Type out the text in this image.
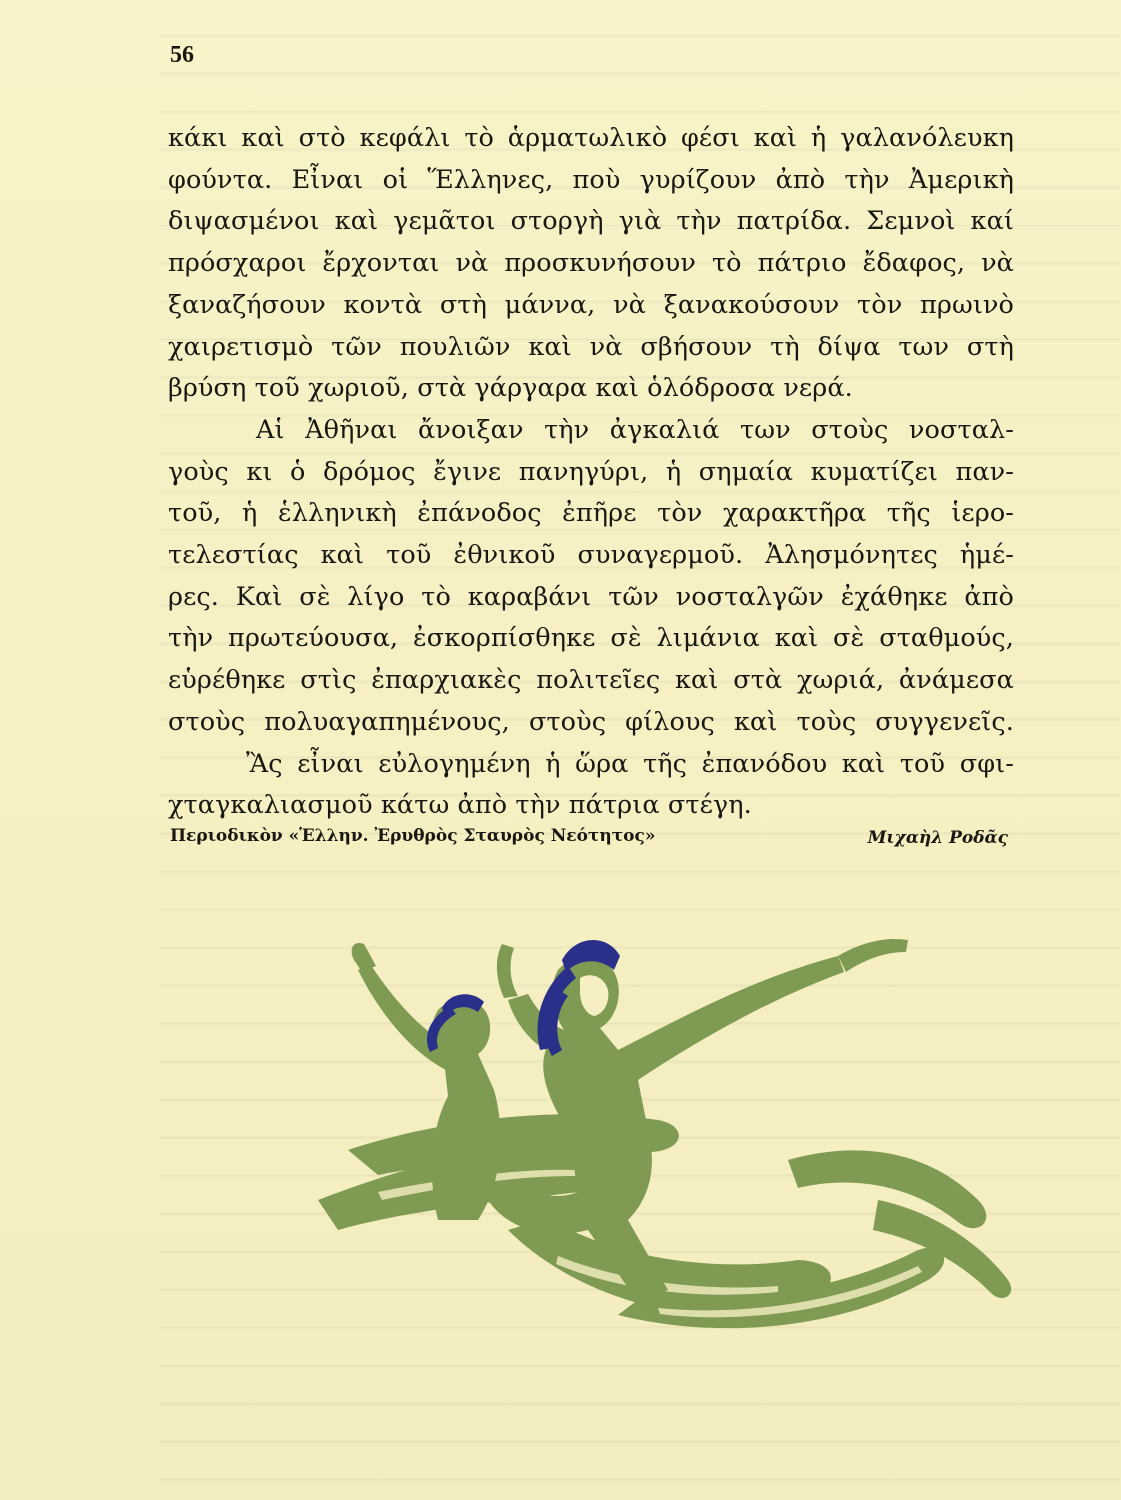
56

κάκι καὶ στὸ κεφάλι τὸ ἁρματωλικὸ φέσι καὶ ἡ γαλανόλευκη
φούντα. Εἶναι οἱ Ἕλληνες, ποὺ γυρίζουν ἀπὸ τὴν Ἀμερικὴ
διψασμένοι καὶ γεμᾶτοι στοργὴ γιὰ τὴν πατρίδα. Σεμνοὶ καί
πρόσχαροι ἔρχονται νὰ προσκυνήσουν τὸ πάτριο ἔδαφος, νὰ
ξαναζήσουν κοντὰ στὴ μάννα, νὰ ξανακούσουν τὸν πρωινὸ
χαιρετισμὸ τῶν πουλιῶν καὶ νὰ σβήσουν τὴ δίψα των στὴ
βρύση τοῦ χωριοῦ, στὰ γάργαρα καὶ ὁλόδροσα νερά.

Αἱ Ἀθῆναι ἄνοιξαν τὴν ἀγκαλιά των στοὺς νοσταλ-
γοὺς κι ὁ δρόμος ἔγινε πανηγύρι, ἡ σημαία κυματίζει παν-
τοῦ, ἡ ἑλληνικὴ ἐπάνοδος ἐπῆρε τὸν χαρακτῆρα τῆς ἱερο-
τελεστίας καὶ τοῦ ἐθνικοῦ συναγερμοῦ. Ἀλησμόνητες ἡμέ-
ρες. Καὶ σὲ λίγο τὸ καραβάνι τῶν νοσταλγῶν ἐχάθηκε ἀπὸ
τὴν πρωτεύουσα, ἐσκορπίσθηκε σὲ λιμάνια καὶ σὲ σταθμούς,
εὑρέθηκε στὶς ἐπαρχιακὲς πολιτεῖες καὶ στὰ χωριά, ἀνάμεσα
στοὺς πολυαγαπημένους, στοὺς φίλους καὶ τοὺς συγγενεῖς.

Ἂς εἶναι εὐλογημένη ἡ ὥρα τῆς ἐπανόδου καὶ τοῦ σφι-
χταγκαλιασμοῦ κάτω ἀπὸ τὴν πάτρια στέγη.

Περιοδικὸν «Ἑλλην. Ἐρυθρὸς Σταυρὸς Νεότητος»	Μιχαὴλ Ροδᾶς
